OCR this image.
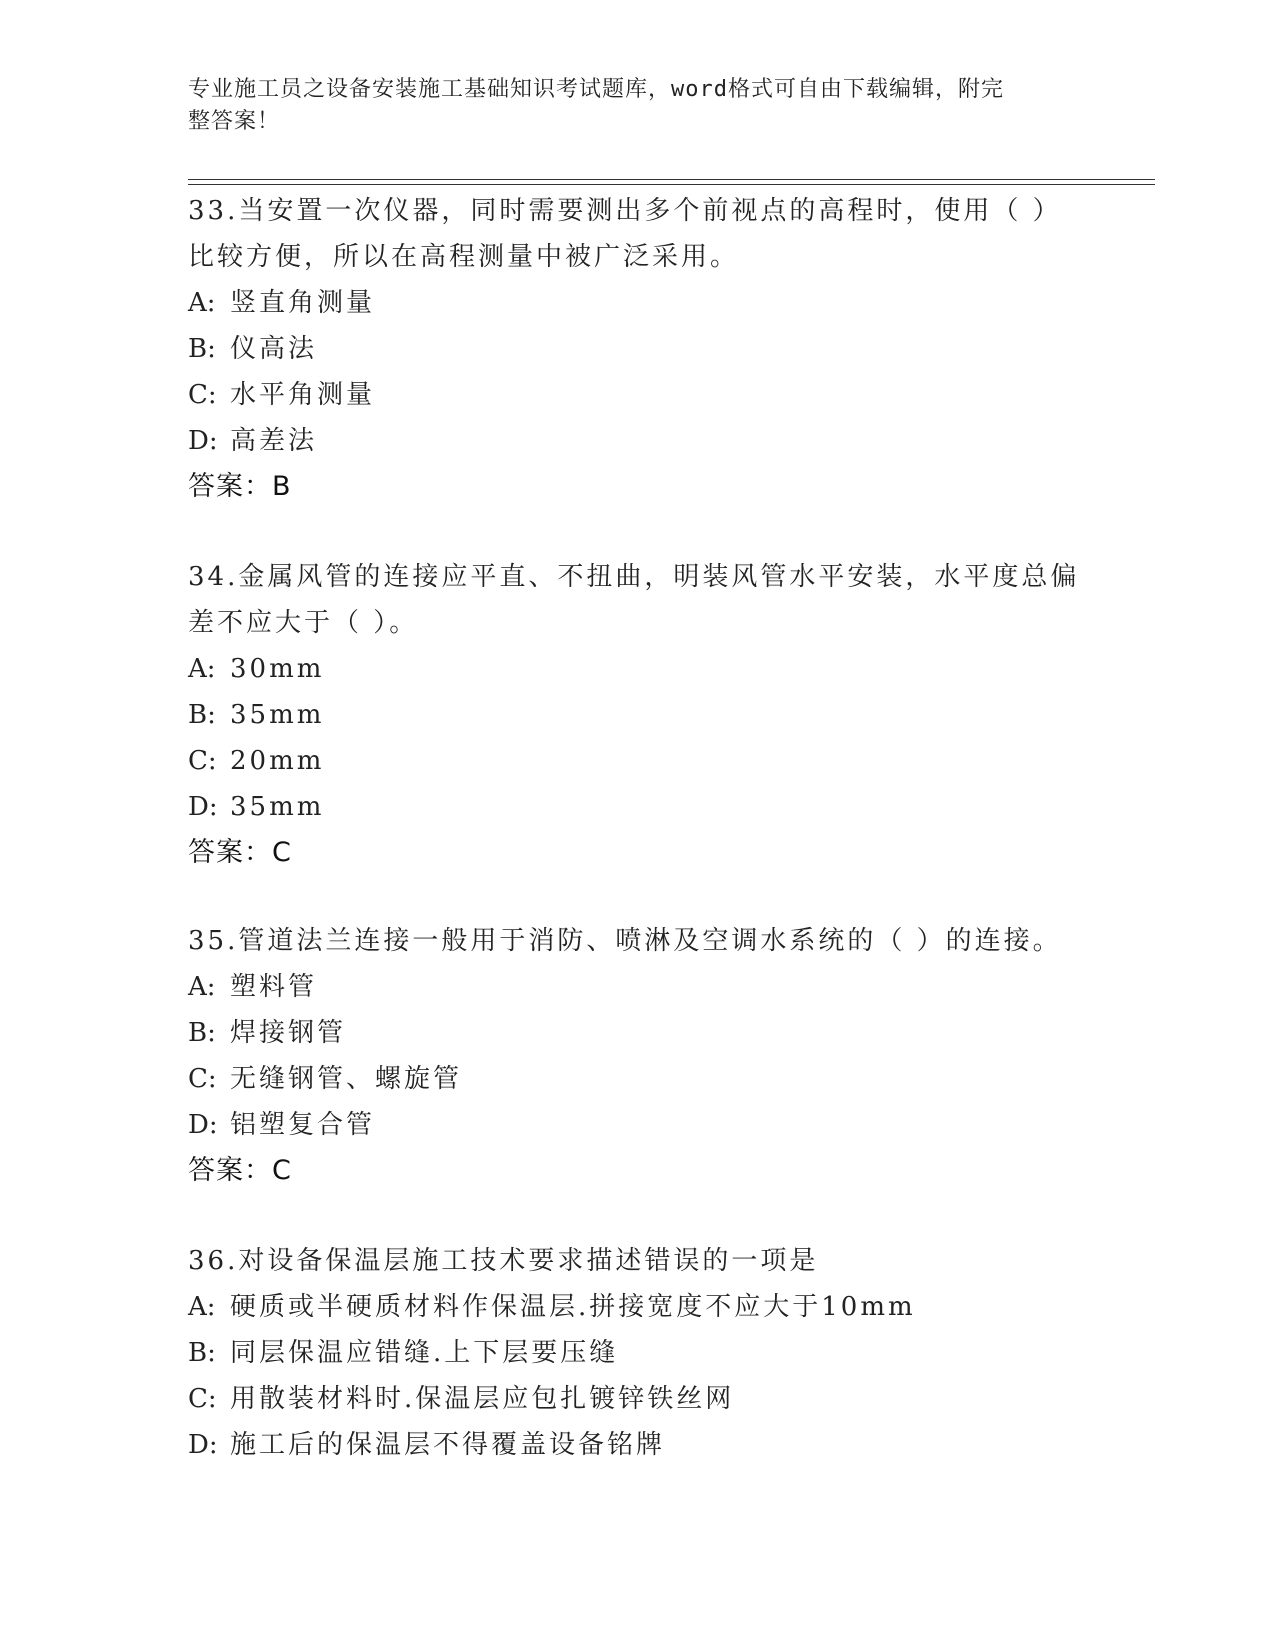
专业施工员之设备安装施工基础知识考试题库，word格式可自由下载编辑，附完
整答案！

33.当安置一次仪器，同时需要测出多个前视点的高程时，使用（ ）

比较方便，所以在高程测量中被广泛采用。

A: 竖直角测量

B: 仪高法

C: 水平角测量

D: 高差法

答案：B

34.金属风管的连接应平直、不扭曲，明装风管水平安装，水平度总偏

差不应大于（ ）。

A: 30mm

B: 35mm

C: 20mm

D: 35mm

答案：C

35.管道法兰连接一般用于消防、喷淋及空调水系统的（ ）的连接。

A: 塑料管

B: 焊接钢管

C: 无缝钢管、螺旋管

D: 铝塑复合管

答案：C

36.对设备保温层施工技术要求描述错误的一项是

A: 硬质或半硬质材料作保温层.拼接宽度不应大于10mm

B: 同层保温应错缝.上下层要压缝

C: 用散装材料时.保温层应包扎镀锌铁丝网

D: 施工后的保温层不得覆盖设备铭牌
